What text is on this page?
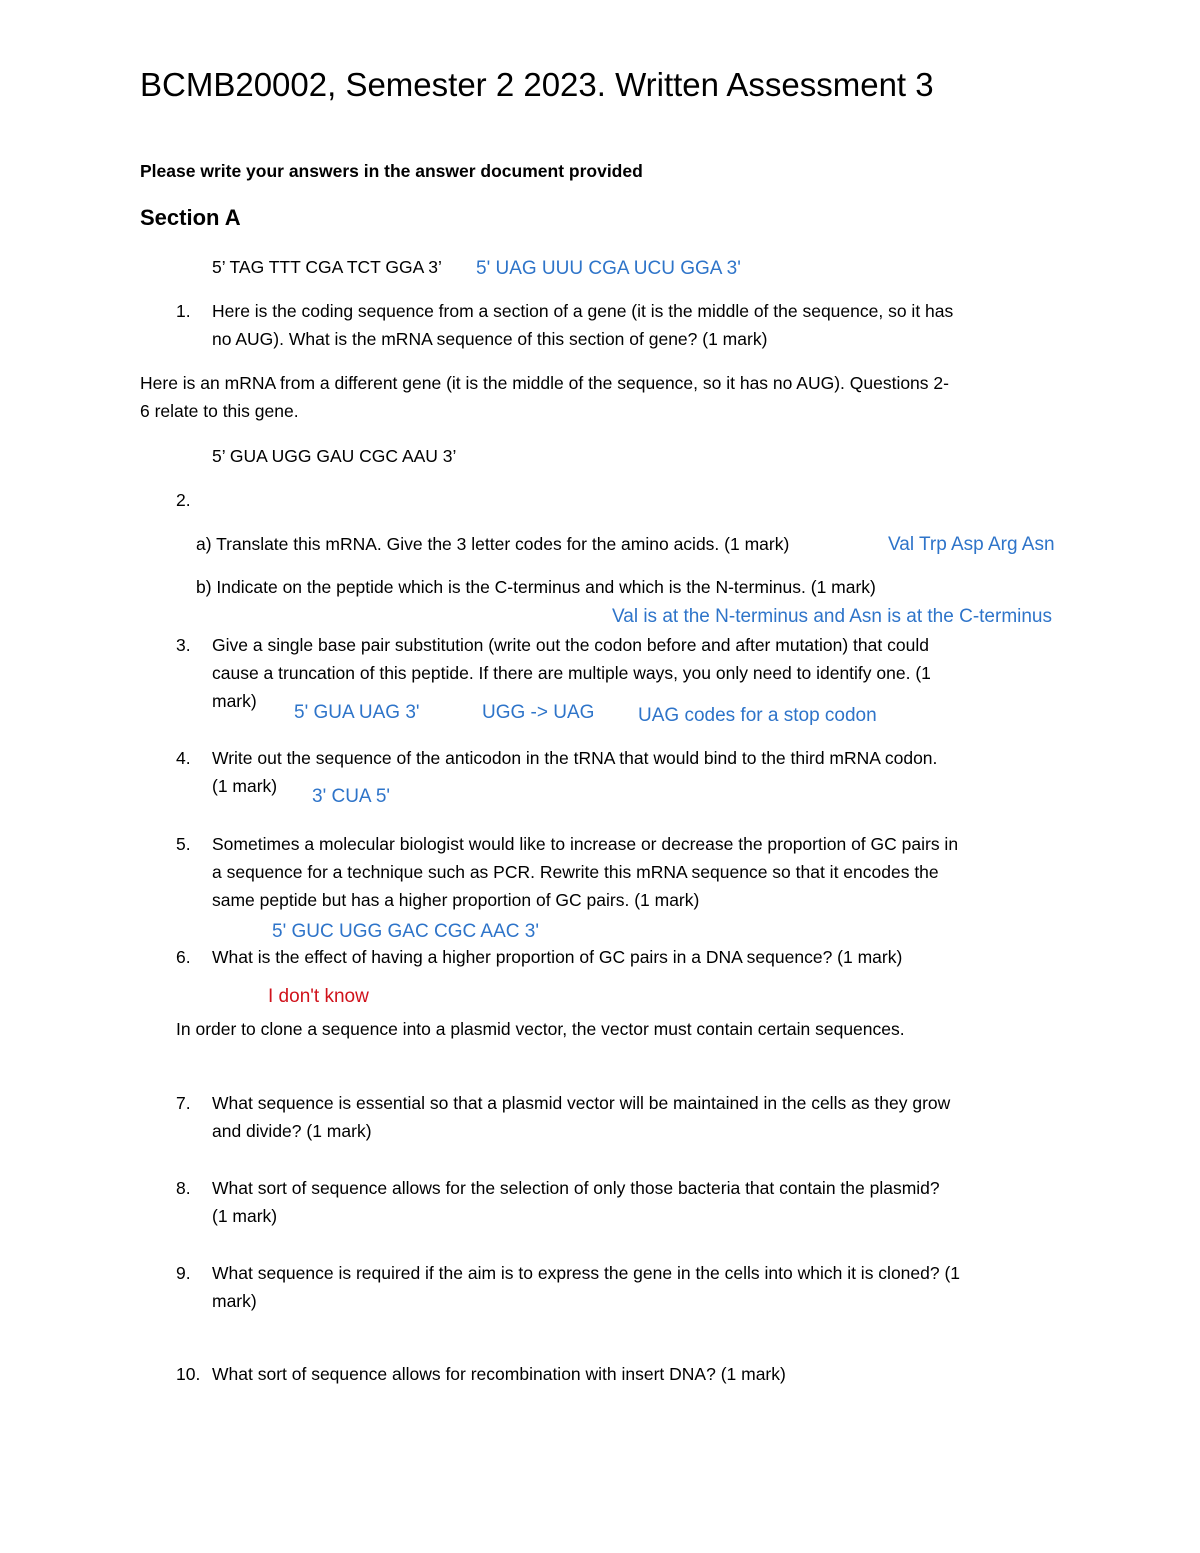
BCMB20002, Semester 2 2023. Written Assessment 3
Please write your answers in the answer document provided
Section A
5’ TAG TTT CGA TCT GGA 3’ 5' UAG UUU CGA UCU GGA 3'
1. Here is the coding sequence from a section of a gene (it is the middle of the sequence, so it has
no AUG). What is the mRNA sequence of this section of gene? (1 mark)
Here is an mRNA from a different gene (it is the middle of the sequence, so it has no AUG). Questions 2-
6 relate to this gene.
5’ GUA UGG GAU CGC AAU 3’
2.
a) Translate this mRNA. Give the 3 letter codes for the amino acids. (1 mark)	Val Trp Asp Arg Asn
b) Indicate on the peptide which is the C-terminus and which is the N-terminus. (1 mark)
Val is at the N-terminus and Asn is at the C-terminus
3. Give a single base pair substitution (write out the codon before and after mutation) that could
cause a truncation of this peptide. If there are multiple ways, you only need to identify one. (1
mark)
5' GUA UAG 3'	UGG -> UAG UAG codes for a stop codon
4. Write out the sequence of the anticodon in the tRNA that would bind to the third mRNA codon.
(1 mark) 3' CUA 5'
5. Sometimes a molecular biologist would like to increase or decrease the proportion of GC pairs in
a sequence for a technique such as PCR. Rewrite this mRNA sequence so that it encodes the
same peptide but has a higher proportion of GC pairs. (1 mark)
5' GUC UGG GAC CGC AAC 3'
6. What is the effect of having a higher proportion of GC pairs in a DNA sequence? (1 mark)
I don't know
In order to clone a sequence into a plasmid vector, the vector must contain certain sequences.
7. What sequence is essential so that a plasmid vector will be maintained in the cells as they grow
and divide? (1 mark)
8. What sort of sequence allows for the selection of only those bacteria that contain the plasmid?
(1 mark)
9. What sequence is required if the aim is to express the gene in the cells into which it is cloned? (1
mark)
10. What sort of sequence allows for recombination with insert DNA? (1 mark)
